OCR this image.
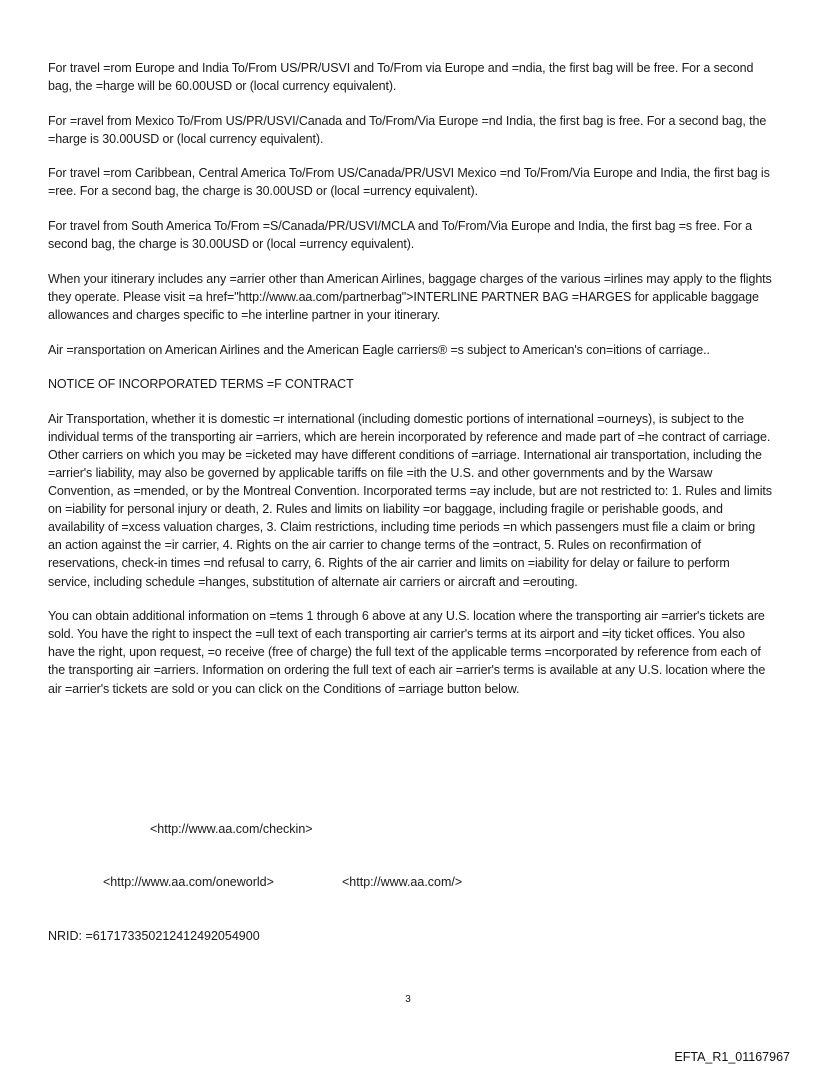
For travel =rom Europe and India To/From US/PR/USVI and To/From via Europe and =ndia, the first bag will be free. For a second bag, the =harge will be 60.00USD or (local currency equivalent).

For =ravel from Mexico To/From US/PR/USVI/Canada and To/From/Via Europe =nd India, the first bag is free. For a second bag, the =harge is 30.00USD or (local currency equivalent).

For travel =rom Caribbean, Central America To/From US/Canada/PR/USVI Mexico =nd To/From/Via Europe and India, the first bag is =ree. For a second bag, the charge is 30.00USD or (local =urrency equivalent).

For travel from South America To/From =S/Canada/PR/USVI/MCLA and To/From/Via Europe and India, the first bag =s free. For a second bag, the charge is 30.00USD or (local =urrency equivalent).

When your itinerary includes any =arrier other than American Airlines, baggage charges of the various =irlines may apply to the flights they operate. Please visit =a href="http://www.aa.com/partnerbag">INTERLINE PARTNER BAG =HARGES for applicable baggage allowances and charges specific to =he interline partner in your itinerary.

Air =ransportation on American Airlines and the American Eagle carriers® =s subject to American's con=itions of carriage..

NOTICE OF INCORPORATED TERMS =F CONTRACT

Air Transportation, whether it is domestic =r international (including domestic portions of international =ourneys), is subject to the individual terms of the transporting air =arriers, which are herein incorporated by reference and made part of =he contract of carriage. Other carriers on which you may be =icketed may have different conditions of =arriage. International air transportation, including the =arrier's liability, may also be governed by applicable tariffs on file =ith the U.S. and other governments and by the Warsaw Convention, as =mended, or by the Montreal Convention. Incorporated terms =ay include, but are not restricted to: 1. Rules and limits on =iability for personal injury or death, 2. Rules and limits on liability =or baggage, including fragile or perishable goods, and availability of =xcess valuation charges, 3. Claim restrictions, including time periods =n which passengers must file a claim or bring an action against the =ir carrier, 4. Rights on the air carrier to change terms of the =ontract, 5. Rules on reconfirmation of reservations, check-in times =nd refusal to carry, 6. Rights of the air carrier and limits on =iability for delay or failure to perform service, including schedule =hanges, substitution of alternate air carriers or aircraft and =erouting.

You can obtain additional information on =tems 1 through 6 above at any U.S. location where the transporting air =arrier's tickets are sold. You have the right to inspect the =ull text of each transporting air carrier's terms at its airport and =ity ticket offices. You also have the right, upon request, =o receive (free of charge) the full text of the applicable terms =ncorporated by reference from each of the transporting air =arriers. Information on ordering the full text of each air =arrier's terms is available at any U.S. location where the air =arrier's tickets are sold or you can click on the Conditions of =arriage button below.

<http://www.aa.com/checkin>
<http://www.aa.com/oneworld>	<http://www.aa.com/>
NRID: =6171733502124124920549​00
3
EFTA_R1_01167967
